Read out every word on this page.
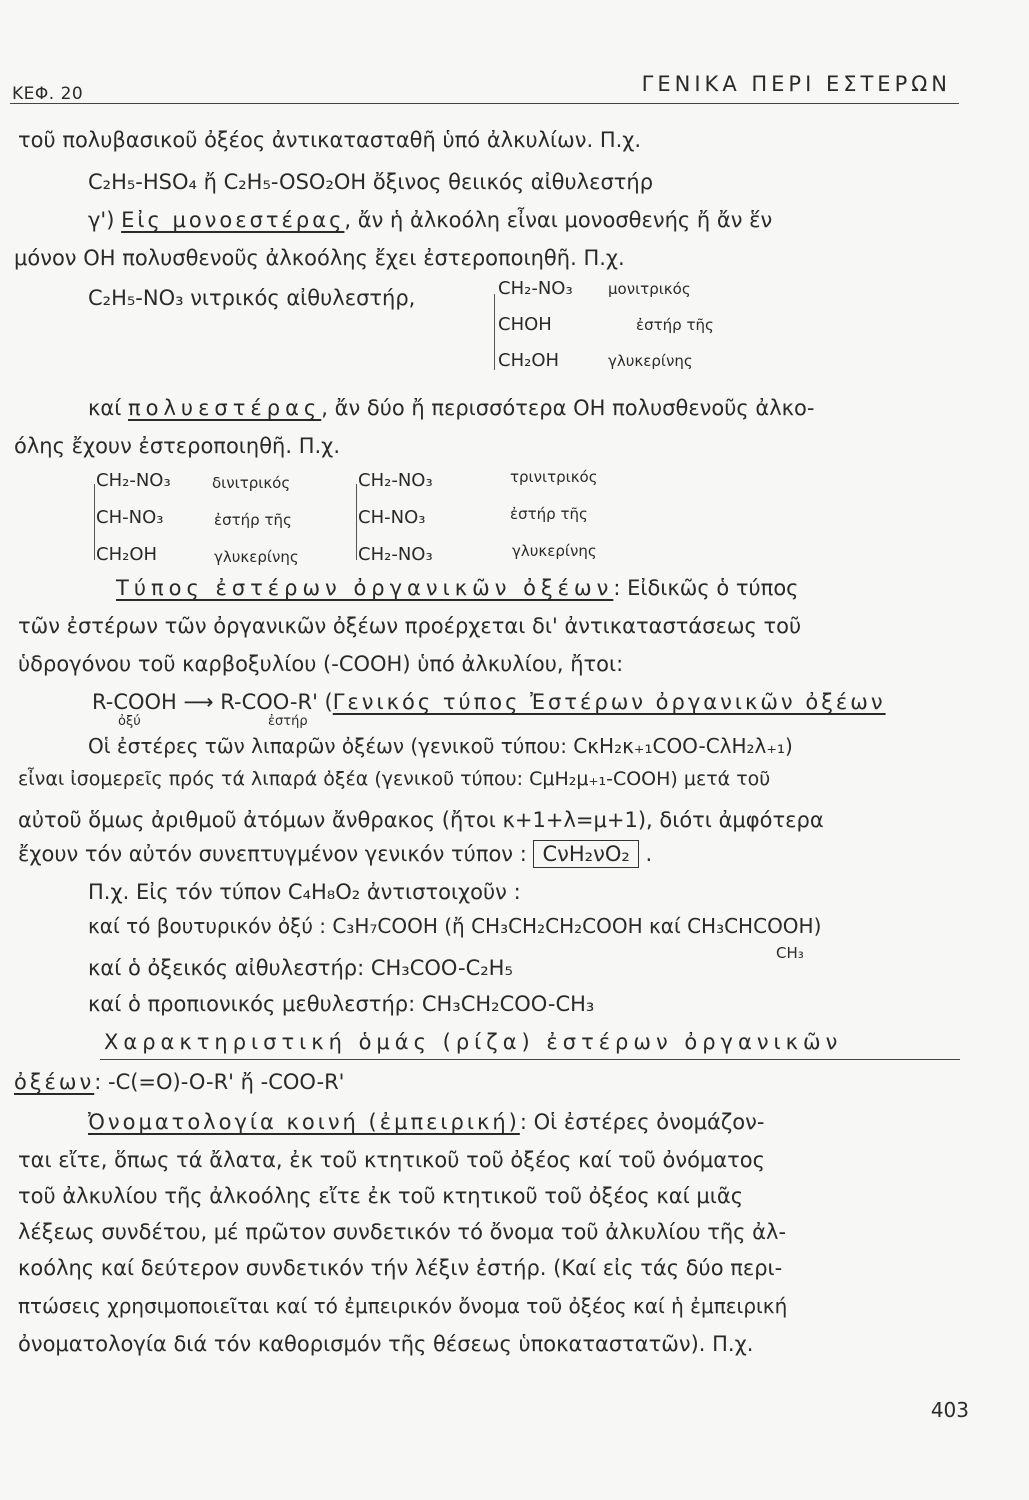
ΚΕΦ. 20	ΓΕΝΙΚΑ ΠΕΡΙ ΕΣΤΕΡΩΝ
τοῦ πολυβασικοῦ ὀξέος ἀντικατασταθῆ ὑπό ἀλκυλίων. Π.χ.
C₂H₅-HSO₄ ἤ C₂H₅-OSO₂OH ὄξινος θειικός αἰθυλεστήρ
γ') Εἰς μονοεστέρας, ἄν ἡ ἀλκοόλη εἶναι μονοσθενής ἤ ἄν ἕν
μόνον ΟΗ πολυσθενοῦς ἀλκοόλης ἔχει ἐστεροποιηθῆ. Π.χ.
C₂H₅-NO₃ νιτρικός αἰθυλεστήρ,	CH₂-NO₃ μονιτρικός
CHOH	ἐστήρ τῆς
CH₂OH	γλυκερίνης
καί πολυεστέρας, ἄν δύο ἤ περισσότερα ΟΗ πολυσθενοῦς ἀλκο-
όλης ἔχουν ἐστεροποιηθῆ. Π.χ.
CH₂-NO₃	δινιτρικός
CH-NO₃	ἐστήρ τῆς
CH₂OH	γλυκερίνης
CH₂-NO₃	τρινιτρικός
CH-NO₃	ἐστήρ τῆς
CH₂-NO₃	γλυκερίνης
Τύπος ἐστέρων ὀργανικῶν ὀξέων: Εἰδικῶς ὁ τύπος
τῶν ἐστέρων τῶν ὀργανικῶν ὀξέων προέρχεται δι' ἀντικαταστάσεως τοῦ
ὑδρογόνου τοῦ καρβοξυλίου (-COOH) ὑπό ἀλκυλίου, ἤτοι:
R-COOH ⟶ R-COO-R' (Γενικός τύπος Ἐστέρων ὀργανικῶν ὀξέων
ὀξύ	ἐστήρ
Οἱ ἐστέρες τῶν λιπαρῶν ὀξέων (γενικοῦ τύπου: CκH₂κ₊₁COO-CλH₂λ₊₁)
εἶναι ἰσομερεῖς πρός τά λιπαρά ὀξέα (γενικοῦ τύπου: CμH₂μ₊₁-COOH) μετά τοῦ
αὐτοῦ ὅμως ἀριθμοῦ ἀτόμων ἄνθρακος (ἤτοι κ+1+λ=μ+1), διότι ἀμφότερα
ἔχουν τόν αὐτόν συνεπτυγμένον γενικόν τύπον : CνH₂νO₂ .
Π.χ. Εἰς τόν τύπον C₄H₈O₂ ἀντιστοιχοῦν :
καί τό βουτυρικόν ὀξύ : C₃H₇COOH (ἤ CH₃CH₂CH₂COOH καί CH₃CHCOOH)
CH₃
καί ὁ ὀξεικός αἰθυλεστήρ: CH₃COO-C₂H₅
καί ὁ προπιονικός μεθυλεστήρ: CH₃CH₂COO-CH₃
Χαρακτηριστική ὁμάς (ρίζα) ἐστέρων ὀργανικῶν
ὀξέων: -C(=O)-O-R' ἤ -COO-R'
Ὀνοματολογία κοινή (ἐμπειρική): Οἱ ἐστέρες ὀνομάζον-
ται εἴτε, ὅπως τά ἄλατα, ἐκ τοῦ κτητικοῦ τοῦ ὀξέος καί τοῦ ὀνόματος
τοῦ ἀλκυλίου τῆς ἀλκοόλης εἴτε ἐκ τοῦ κτητικοῦ τοῦ ὀξέος καί μιᾶς
λέξεως συνδέτου, μέ πρῶτον συνδετικόν τό ὄνομα τοῦ ἀλκυλίου τῆς ἀλ-
κοόλης καί δεύτερον συνδετικόν τήν λέξιν ἐστήρ. (Καί εἰς τάς δύο περι-
πτώσεις χρησιμοποιεῖται καί τό ἐμπειρικόν ὄνομα τοῦ ὀξέος καί ἡ ἐμπειρική
ὀνοματολογία διά τόν καθορισμόν τῆς θέσεως ὑποκαταστατῶν). Π.χ.
403
